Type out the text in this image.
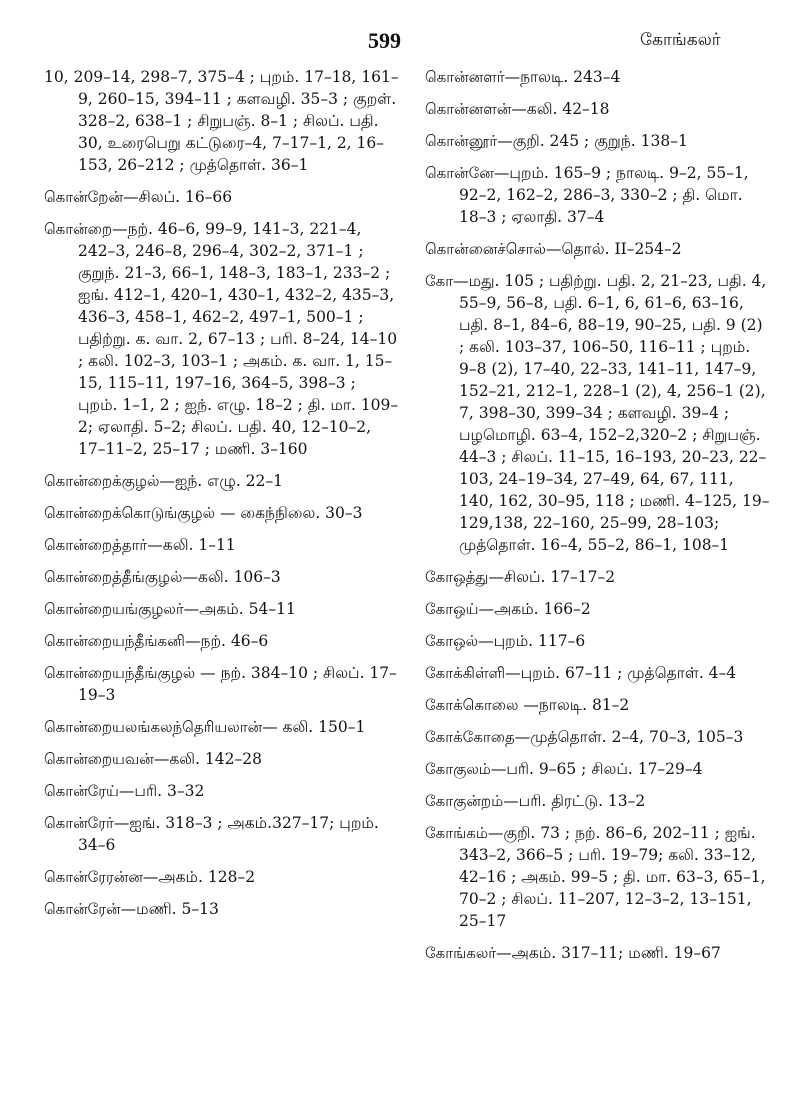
599	கோங்கலர்

10, 209–14, 298–7, 375–4 ; புறம். 17–18, 161–9, 260–15, 394–11 ; களவழி. 35–3 ; குறள். 328–2, 638–1 ; சிறுபஞ். 8–1 ; சிலப். பதி. 30, உரைபெறு கட்டுரை–4, 7–17–1, 2, 16–153, 26–212 ; முத்தொள். 36–1

கொன்றேன்—சிலப். 16–66

கொன்றை—நற். 46–6, 99–9, 141–3, 221–4, 242–3, 246–8, 296–4, 302–2, 371–1 ; குறுந். 21–3, 66–1, 148–3, 183–1, 233–2 ; ஐங். 412–1, 420–1, 430–1, 432–2, 435–3, 436–3, 458–1, 462–2, 497–1, 500–1 ; பதிற்று. க. வா. 2, 67–13 ; பரி. 8–24, 14–10 ; கலி. 102–3, 103–1 ; அகம். க. வா. 1, 15–15, 115–11, 197–16, 364–5, 398–3 ; புறம். 1–1, 2 ; ஐந். எழு. 18–2 ; தி. மா. 109–2; ஏலாதி. 5–2; சிலப். பதி. 40, 12–10–2, 17–11–2, 25–17 ; மணி. 3–160

கொன்றைக்குழல்—ஐந். எழு. 22–1

கொன்றைக்கொடுங்குழல் — கைந்நிலை. 30–3

கொன்றைத்தார்—கலி. 1–11

கொன்றைத்தீங்குழல்—கலி. 106–3

கொன்றையங்குழலர்—அகம். 54–11

கொன்றையந்தீங்கனி—நற். 46–6

கொன்றையந்தீங்குழல் — நற். 384–10 ; சிலப். 17–19–3

கொன்றையலங்கலந்தெரியலான்— கலி. 150–1

கொன்றையவன்—கலி. 142–28

கொன்ரேய்—பரி. 3–32

கொன்ரேர்—ஐங். 318–3 ; அகம்.327–17; புறம். 34–6

கொன்ரேரன்ன—அகம். 128–2

கொன்ரேன்—மணி. 5–13

கொன்னளர்—நாலடி. 243–4

கொன்னளன்—கலி. 42–18

கொன்னூர்—குறி. 245 ; குறுந். 138–1

கொன்னே—புறம். 165–9 ; நாலடி. 9–2, 55–1, 92–2, 162–2, 286–3, 330–2 ; தி. மொ. 18–3 ; ஏலாதி. 37–4

கொன்னைச்சொல்—தொல். II–254–2

கோ—மது. 105 ; பதிற்று. பதி. 2, 21–23, பதி. 4, 55–9, 56–8, பதி. 6–1, 6, 61–6, 63–16, பதி. 8–1, 84–6, 88–19, 90–25, பதி. 9 (2) ; கலி. 103–37, 106–50, 116–11 ; புறம். 9–8 (2), 17–40, 22–33, 141–11, 147–9, 152–21, 212–1, 228–1 (2), 4, 256–1 (2), 7, 398–30, 399–34 ; களவழி. 39–4 ; பழமொழி. 63–4, 152–2,320–2 ; சிறுபஞ். 44–3 ; சிலப். 11–15, 16–193, 20–23, 22–103, 24–19–34, 27–49, 64, 67, 111, 140, 162, 30–95, 118 ; மணி. 4–125, 19–129,138, 22–160, 25–99, 28–103; முத்தொள். 16–4, 55–2, 86–1, 108–1

கோஒத்து—சிலப். 17–17–2

கோஒய்—அகம். 166–2

கோஒல்—புறம். 117–6

கோக்கிள்ளி—புறம். 67–11 ; முத்தொள். 4–4

கோக்கொலை —நாலடி. 81–2

கோக்கோதை—முத்தொள். 2–4, 70–3, 105–3

கோகுலம்—பரி. 9–65 ; சிலப். 17–29–4

கோகுன்றம்—பரி. திரட்டு. 13–2

கோங்கம்—குறி. 73 ; நற். 86–6, 202–11 ; ஐங். 343–2, 366–5 ; பரி. 19–79; கலி. 33–12, 42–16 ; அகம். 99–5 ; தி. மா. 63–3, 65–1, 70–2 ; சிலப். 11–207, 12–3–2, 13–151, 25–17

கோங்கலர்—அகம். 317–11; மணி. 19–67
